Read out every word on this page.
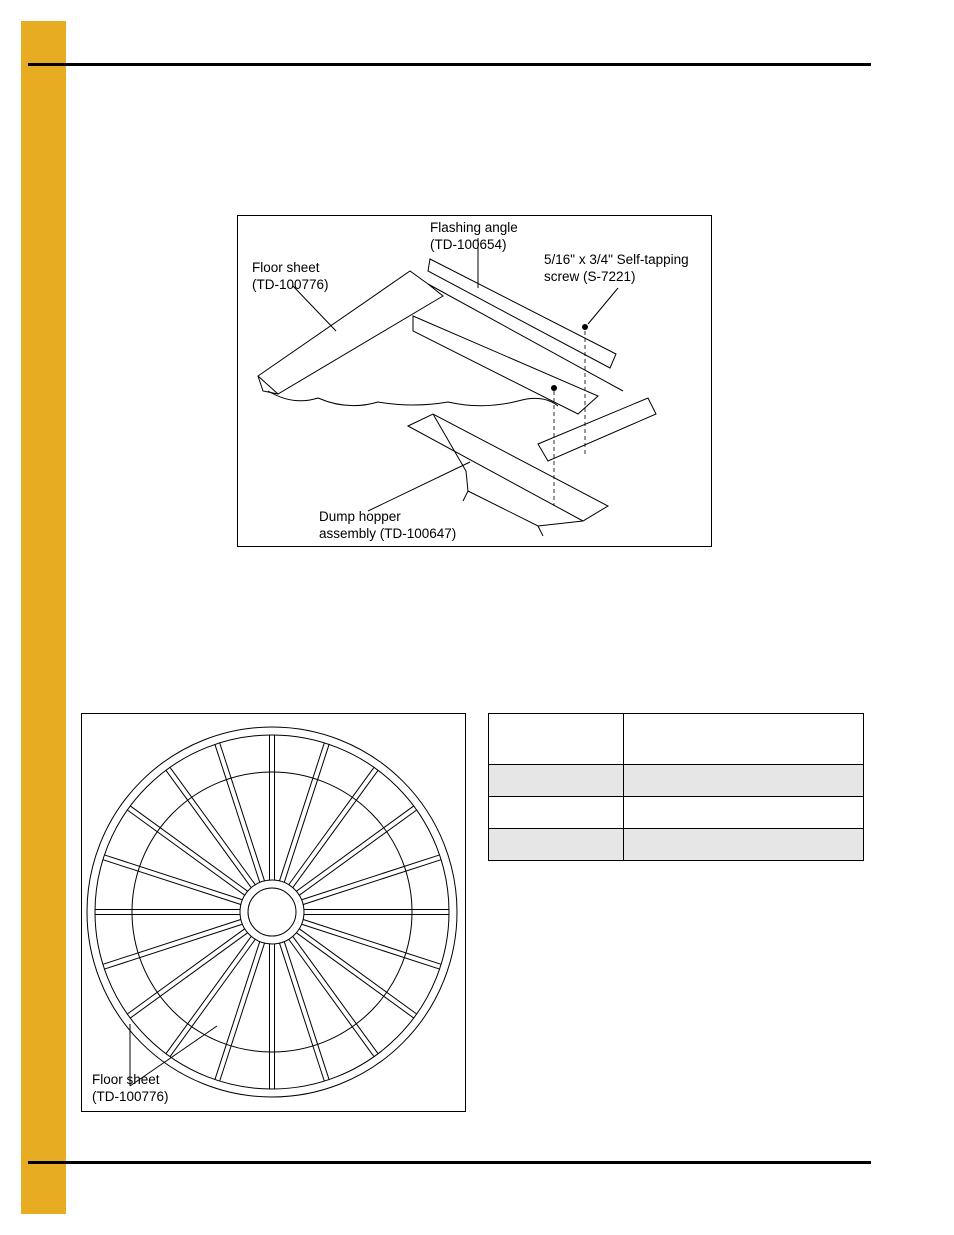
Flashing angle
(TD-100654)
5/16" x 3/4" Self-tapping
screw (S-7221)
Floor sheet
(TD-100776)
Dump hopper
assembly (TD-100647)
Floor sheet
(TD-100776)
